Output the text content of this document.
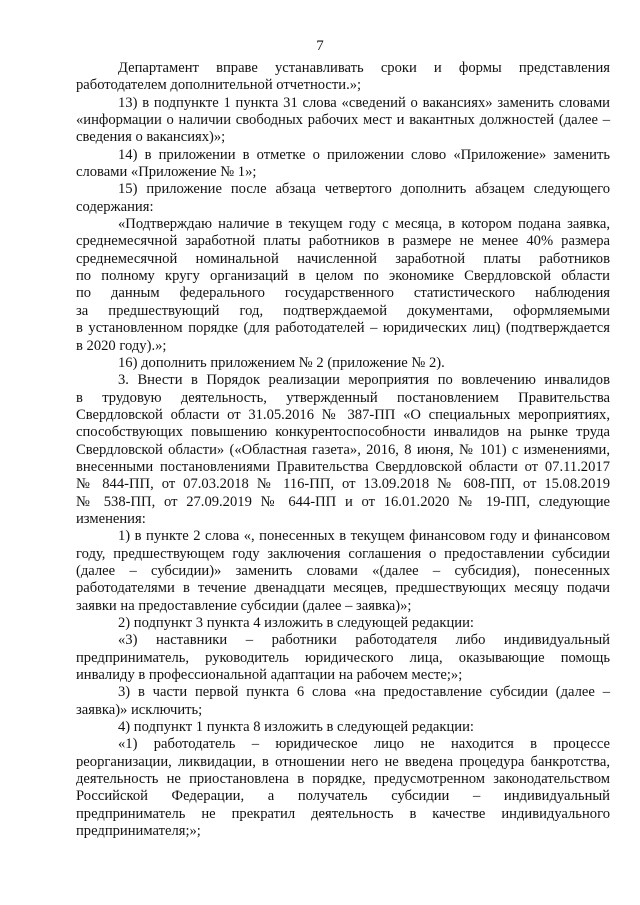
7
Департамент вправе устанавливать сроки и формы представления
работодателем дополнительной отчетности.»;
13) в подпункте 1 пункта 31 слова «сведений о вакансиях» заменить словами
«информации о наличии свободных рабочих мест и вакантных должностей (далее –
сведения о вакансиях)»;
14) в приложении в отметке о приложении слово «Приложение» заменить
словами «Приложение № 1»;
15) приложение после абзаца четвертого дополнить абзацем следующего
содержания:
«Подтверждаю наличие в текущем году с месяца, в котором подана заявка,
среднемесячной заработной платы работников в размере не менее 40% размера
среднемесячной номинальной начисленной заработной платы работников
по полному кругу организаций в целом по экономике Свердловской области
по данным федерального государственного статистического наблюдения
за предшествующий год, подтверждаемой документами, оформляемыми
в установленном порядке (для работодателей – юридических лиц) (подтверждается
в 2020 году).»;
16) дополнить приложением № 2 (приложение № 2).
3. Внести в Порядок реализации мероприятия по вовлечению инвалидов
в трудовую деятельность, утвержденный постановлением Правительства
Свердловской области от 31.05.2016 № 387-ПП «О специальных мероприятиях,
способствующих повышению конкурентоспособности инвалидов на рынке труда
Свердловской области» («Областная газета», 2016, 8 июня, № 101) с изменениями,
внесенными постановлениями Правительства Свердловской области от 07.11.2017
№ 844-ПП, от 07.03.2018 № 116-ПП, от 13.09.2018 № 608-ПП, от 15.08.2019
№ 538-ПП, от 27.09.2019 № 644-ПП и от 16.01.2020 № 19-ПП, следующие
изменения:
1) в пункте 2 слова «, понесенных в текущем финансовом году и финансовом
году, предшествующем году заключения соглашения о предоставлении субсидии
(далее – субсидии)» заменить словами «(далее – субсидия), понесенных
работодателями в течение двенадцати месяцев, предшествующих месяцу подачи
заявки на предоставление субсидии (далее – заявка)»;
2) подпункт 3 пункта 4 изложить в следующей редакции:
«3) наставники – работники работодателя либо индивидуальный
предприниматель, руководитель юридического лица, оказывающие помощь
инвалиду в профессиональной адаптации на рабочем месте;»;
3) в части первой пункта 6 слова «на предоставление субсидии (далее –
заявка)» исключить;
4) подпункт 1 пункта 8 изложить в следующей редакции:
«1) работодатель – юридическое лицо не находится в процессе
реорганизации, ликвидации, в отношении него не введена процедура банкротства,
деятельность не приостановлена в порядке, предусмотренном законодательством
Российской Федерации, а получатель субсидии – индивидуальный
предприниматель не прекратил деятельность в качестве индивидуального
предпринимателя;»;
